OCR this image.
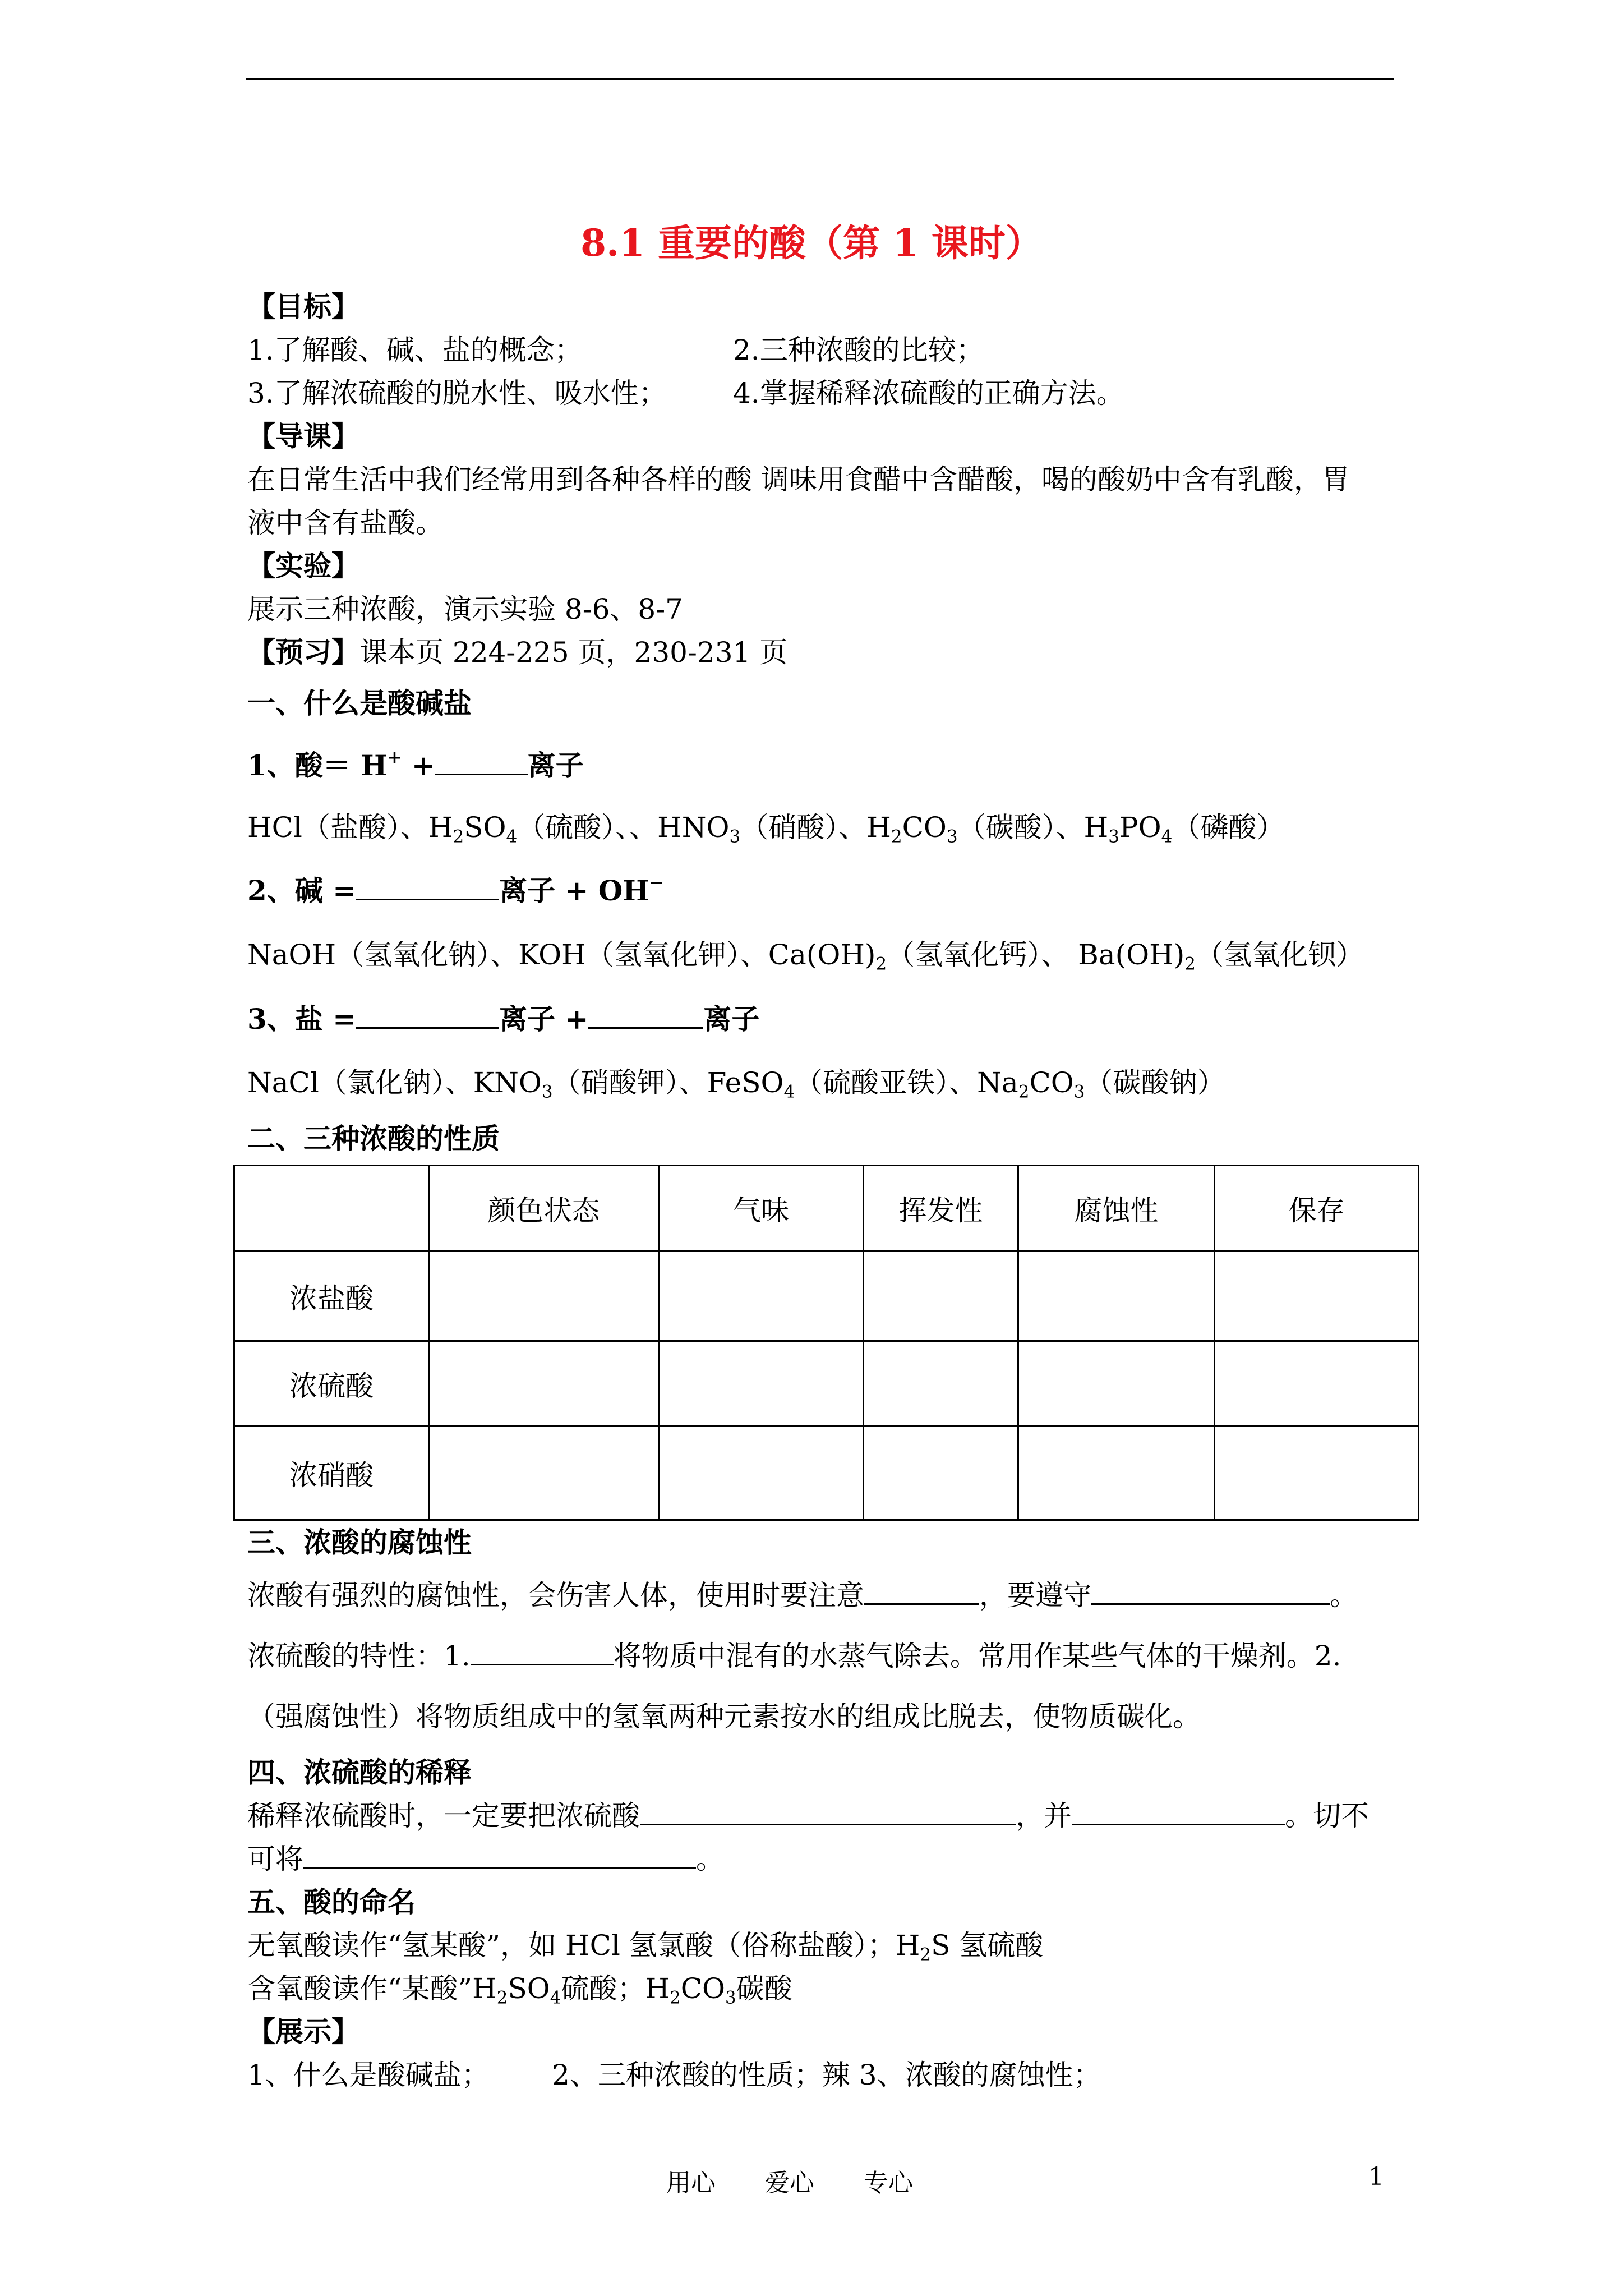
8.1 重要的酸（第 1 课时）
【目标】
1.了解酸、碱、盐的概念；	2.三种浓酸的比较；
3.了解浓硫酸的脱水性、吸水性； 4.掌握稀释浓硫酸的正确方法。
【导课】
在日常生活中我们经常用到各种各样的酸 调味用食醋中含醋酸，喝的酸奶中含有乳酸，胃
液中含有盐酸。
【实验】
展示三种浓酸，演示实验 8-6、8-7
【预习】课本页 224-225 页，230-231 页
一、什么是酸碱盐
1、酸＝ H+ +	离子
HCl（盐酸）、$H_2SO_4$（硫酸）、、$HNO_3$（硝酸）、$H_2CO_3$（碳酸）、$H_3PO_4$（磷酸）
2、碱 =	离子 + OH−
NaOH（氢氧化钠）、KOH（氢氧化钾）、$Ca(OH)_2$（氢氧化钙）、 $Ba(OH)_2$（氢氧化钡）
3、盐 =	离子 +	离子
NaCl（氯化钠）、$KNO_3$（硝酸钾）、FeSO$_4$（硫酸亚铁）、$Na_2CO_3$（碳酸钠）
二、三种浓酸的性质
	颜色状态	气味	挥发性	腐蚀性	保存
浓盐酸					
浓硫酸					
浓硝酸					
三、浓酸的腐蚀性
浓酸有强烈的腐蚀性，会伤害人体，使用时要注意	，要遵守	。
浓硫酸的特性：1.	将物质中混有的水蒸气除去。常用作某些气体的干燥剂。2.
（强腐蚀性）将物质组成中的氢氧两种元素按水的组成比脱去，使物质碳化。
四、浓硫酸的稀释
稀释浓硫酸时，一定要把浓硫酸	，并	。切不
可将	。
五、酸的命名
无氧酸读作“氢某酸”，如 HCl 氢氯酸（俗称盐酸）；$H_2S$ 氢硫酸
含氧酸读作“某酸$”H_2SO_4$硫酸；$H_2CO_3$碳酸
【展示】
1、什么是酸碱盐；       2、三种浓酸的性质；辣 3、浓酸的腐蚀性；
用心 爱心 专心	1
